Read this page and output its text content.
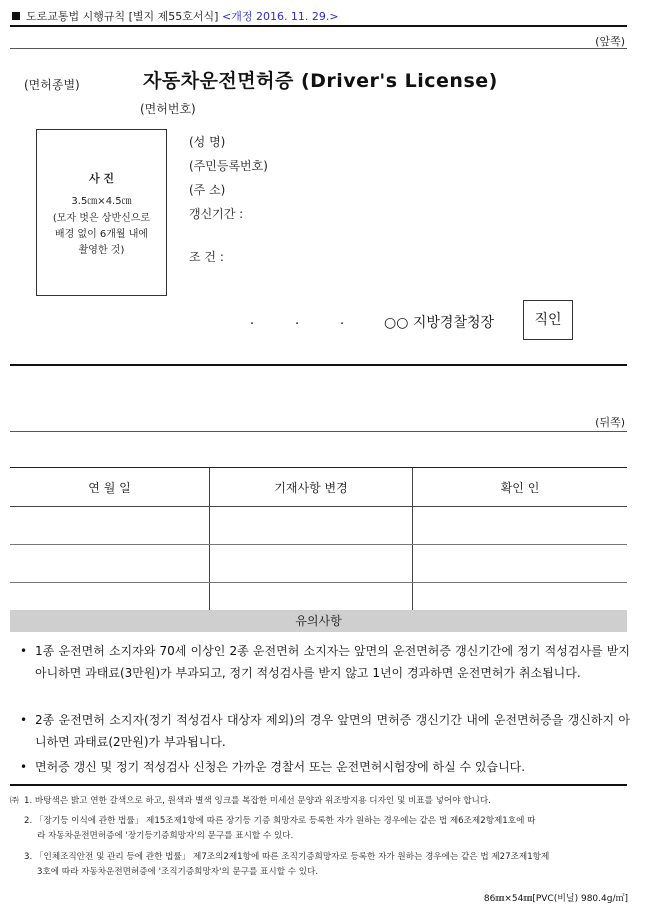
도로교통법 시행규칙 [별지 제55호서식] <개정 2016. 11. 29.>
(앞쪽)
(면허종별)	자동차운전면허증 (Driver's License)
(면허번호)
사 진
3.5㎝×4.5㎝
(모자 벗은 상반신으로
배경 없이 6개월 내에
촬영한 것)
(성 명)
(주민등록번호)
(주 소)
갱신기간 :
조 건 :
.	.	.	○○ 지방경찰청장	직인
(뒤쪽)
연 월 일	기재사항 변경	확인 인

유의사항
• 1종 운전면허 소지자와 70세 이상인 2종 운전면허 소지자는 앞면의 운전면허증 갱신기간에 정기 적성검사를 받지 아니하면 과태료(3만원)가 부과되고, 정기 적성검사를 받지 않고 1년이 경과하면 운전면허가 취소됩니다.
• 2종 운전면허 소지자(정기 적성검사 대상자 제외)의 경우 앞면의 면허증 갱신기간 내에 운전면허증을 갱신하지 아니하면 과태료(2만원)가 부과됩니다.
• 면허증 갱신 및 정기 적성검사 신청은 가까운 경찰서 또는 운전면허시험장에 하실 수 있습니다.
㈜ 1. 바탕색은 밝고 연한 갈색으로 하고, 원색과 별색 잉크를 복잡한 미세선 문양과 위조방지용 디자인 및 비표를 넣어야 합니다.
2. 「장기등 이식에 관한 법률」 제15조제1항에 따른 장기등 기증 희망자로 등록한 자가 원하는 경우에는 같은 법 제6조제2항제1호에 따
라 자동차운전면허증에 '장기등기증희망자'의 문구를 표시할 수 있다.
3. 「인체조직안전 및 관리 등에 관한 법률」 제7조의2제1항에 따른 조직기증희망자로 등록한 자가 원하는 경우에는 같은 법 제27조제1항제
3호에 따라 자동차운전면허증에 '조직기증희망자'의 문구를 표시할 수 있다.
86㎜×54㎜[PVC(비닐) 980.4g/㎡]
